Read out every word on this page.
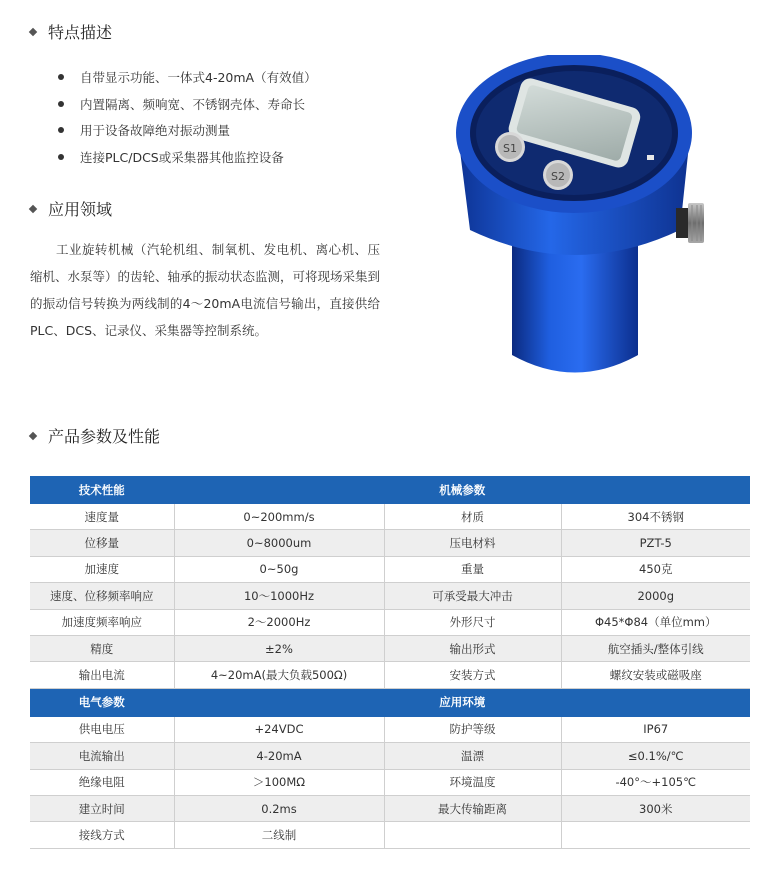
特点描述
自带显示功能、一体式4-20mA（有效值）
内置隔离、频响宽、不锈钢壳体、寿命长
用于设备故障绝对振动测量
连接PLC/DCS或采集器其他监控设备
应用领域
工业旋转机械（汽轮机组、制氧机、发电机、离心机、压缩机、水泵等）的齿轮、轴承的振动状态监测，可将现场采集到的振动信号转换为两线制的4～20mA电流信号输出，直接供给PLC、DCS、记录仪、采集器等控制系统。
S1
S2
产品参数及性能
技术性能	机械参数		
速度量	0~200mm/s	材质	304不锈钢
位移量	0~8000um	压电材料	PZT-5
加速度	0~50g	重量	450克
速度、位移频率响应	10～1000Hz	可承受最大冲击	2000g
加速度频率响应	2～2000Hz	外形尺寸	Φ45*Φ84（单位mm）
精度	±2%	输出形式	航空插头/整体引线
输出电流	4~20mA(最大负载500Ω)	安装方式	螺纹安装或磁吸座
电气参数	应用环境		
供电电压	+24VDC	防护等级	IP67
电流输出	4-20mA	温漂	≤0.1%/℃
绝缘电阻	＞100MΩ	环境温度	-40°～+105℃
建立时间	0.2ms	最大传输距离	300米
接线方式	二线制		
